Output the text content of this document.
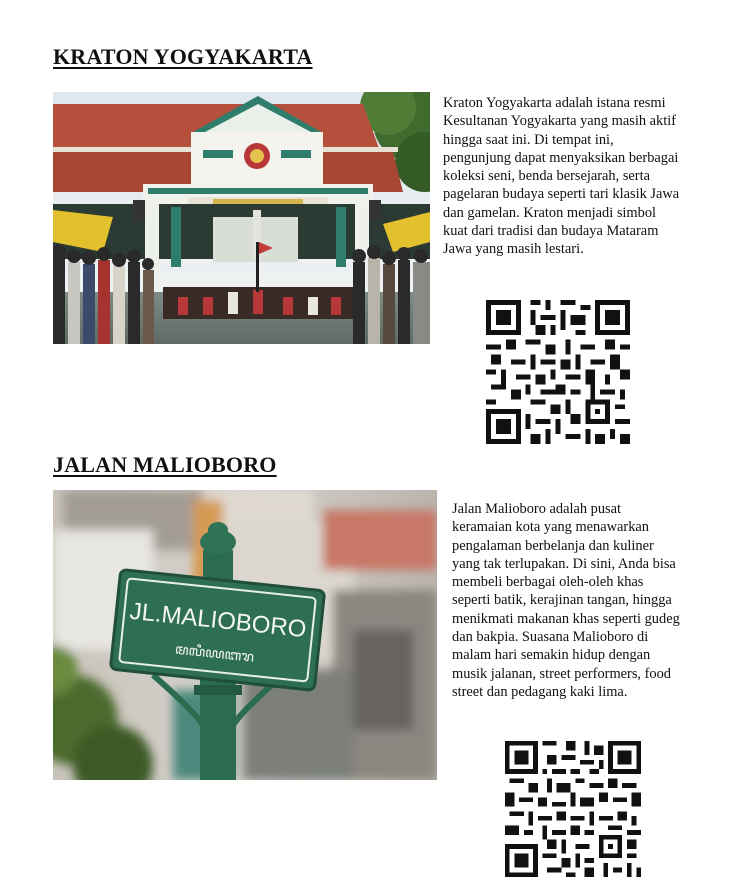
KRATON YOGYAKARTA

Kraton Yogyakarta adalah istana resmi Kesultanan Yogyakarta yang masih aktif hingga saat ini. Di tempat ini, pengunjung dapat menyaksikan berbagai koleksi seni, benda bersejarah, serta pagelaran budaya seperti tari klasik Jawa dan gamelan. Kraton menjadi simbol kuat dari tradisi dan budaya Mataram Jawa yang masih lestari.

JALAN MALIOBORO
JL.MALIOBORO
ꦩꦭꦶꦪꦧꦫ

Jalan Malioboro adalah pusat keramaian kota yang menawarkan pengalaman berbelanja dan kuliner yang tak terlupakan. Di sini, Anda bisa membeli berbagai oleh-oleh khas seperti batik, kerajinan tangan, hingga menikmati makanan khas seperti gudeg dan bakpia. Suasana Malioboro di malam hari semakin hidup dengan musik jalanan, street performers, food street dan pedagang kaki lima.
